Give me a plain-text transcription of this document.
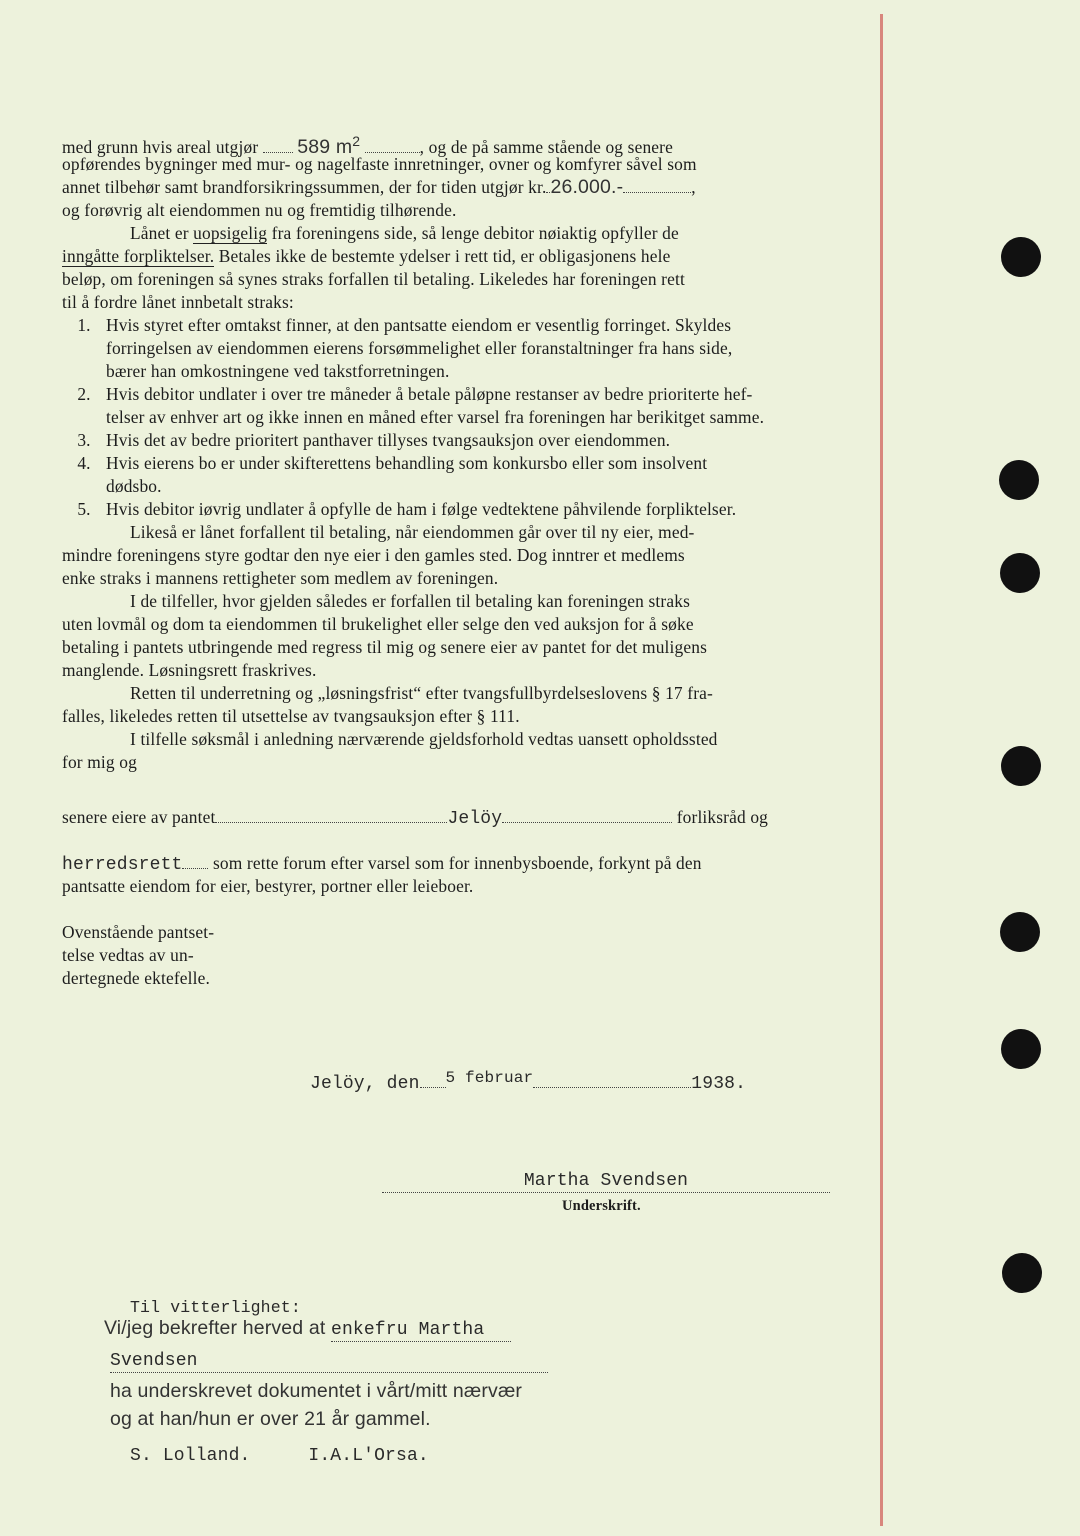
med grunn hvis areal utgjør 589 $m^2$	, og de på samme stående og senere
opførendes bygninger med mur- og nagelfaste innretninger, ovner og komfyrer såvel som
annet tilbehør samt brandforsikringssummen, der for tiden utgjør kr. 26.000.-	,
og forøvrig alt eiendommen nu og fremtidig tilhørende.
Lånet er uopsigelig fra foreningens side, så lenge debitor nøiaktig opfyller de
inngåtte forpliktelser. Betales ikke de bestemte ydelser i rett tid, er obligasjonens hele
beløp, om foreningen så synes straks forfallen til betaling. Likeledes har foreningen rett
til å fordre lånet innbetalt straks:
1. Hvis styret efter omtakst finner, at den pantsatte eiendom er vesentlig forringet. Skyldes
forringelsen av eiendommen eierens forsømmelighet eller foranstaltninger fra hans side,
bærer han omkostningene ved takstforretningen.
2. Hvis debitor undlater i over tre måneder å betale påløpne restanser av bedre prioriterte hef-
telser av enhver art og ikke innen en måned efter varsel fra foreningen har berikitget samme.
3. Hvis det av bedre prioritert panthaver tillyses tvangsauksjon over eiendommen.
4. Hvis eierens bo er under skifterettens behandling som konkursbo eller som insolvent
dødsbo.
5. Hvis debitor iøvrig undlater å opfylle de ham i følge vedtektene påhvilende forpliktelser.
Likeså er lånet forfallent til betaling, når eiendommen går over til ny eier, med-
mindre foreningens styre godtar den nye eier i den gamles sted. Dog inntrer et medlems
enke straks i mannens rettigheter som medlem av foreningen.
I de tilfeller, hvor gjelden således er forfallen til betaling kan foreningen straks
uten lovmål og dom ta eiendommen til brukelighet eller selge den ved auksjon for å søke
betaling i pantets utbringende med regress til mig og senere eier av pantet for det muligens
manglende. Løsningsrett fraskrives.
Retten til underretning og „løsningsfrist“ efter tvangsfullbyrdelseslovens § 17 fra-
falles, likeledes retten til utsettelse av tvangsauksjon efter § 111.
I tilfelle søksmål i anledning nærværende gjeldsforhold vedtas uansett opholdssted
for mig og
senere eiere av pantet	Jelöy	forliksråd og
herredsrett som rette forum efter varsel som for innenbysboende, forkynt på den
pantsatte eiendom for eier, bestyrer, portner eller leieboer.
Ovenstående pantset-
telse vedtas av un-
dertegnede ektefelle.
Jelöy, den 5 februar	1938.
Martha Svendsen
Underskrift.
Til vitterlighet:
Vi/jeg bekrefter herved at enkefru Martha
Svendsen
ha underskrevet dokumentet i vårt/mitt nærvær
og at han/hun er over 21 år gammel.
S. Lolland.	I.A.L'Orsa.
